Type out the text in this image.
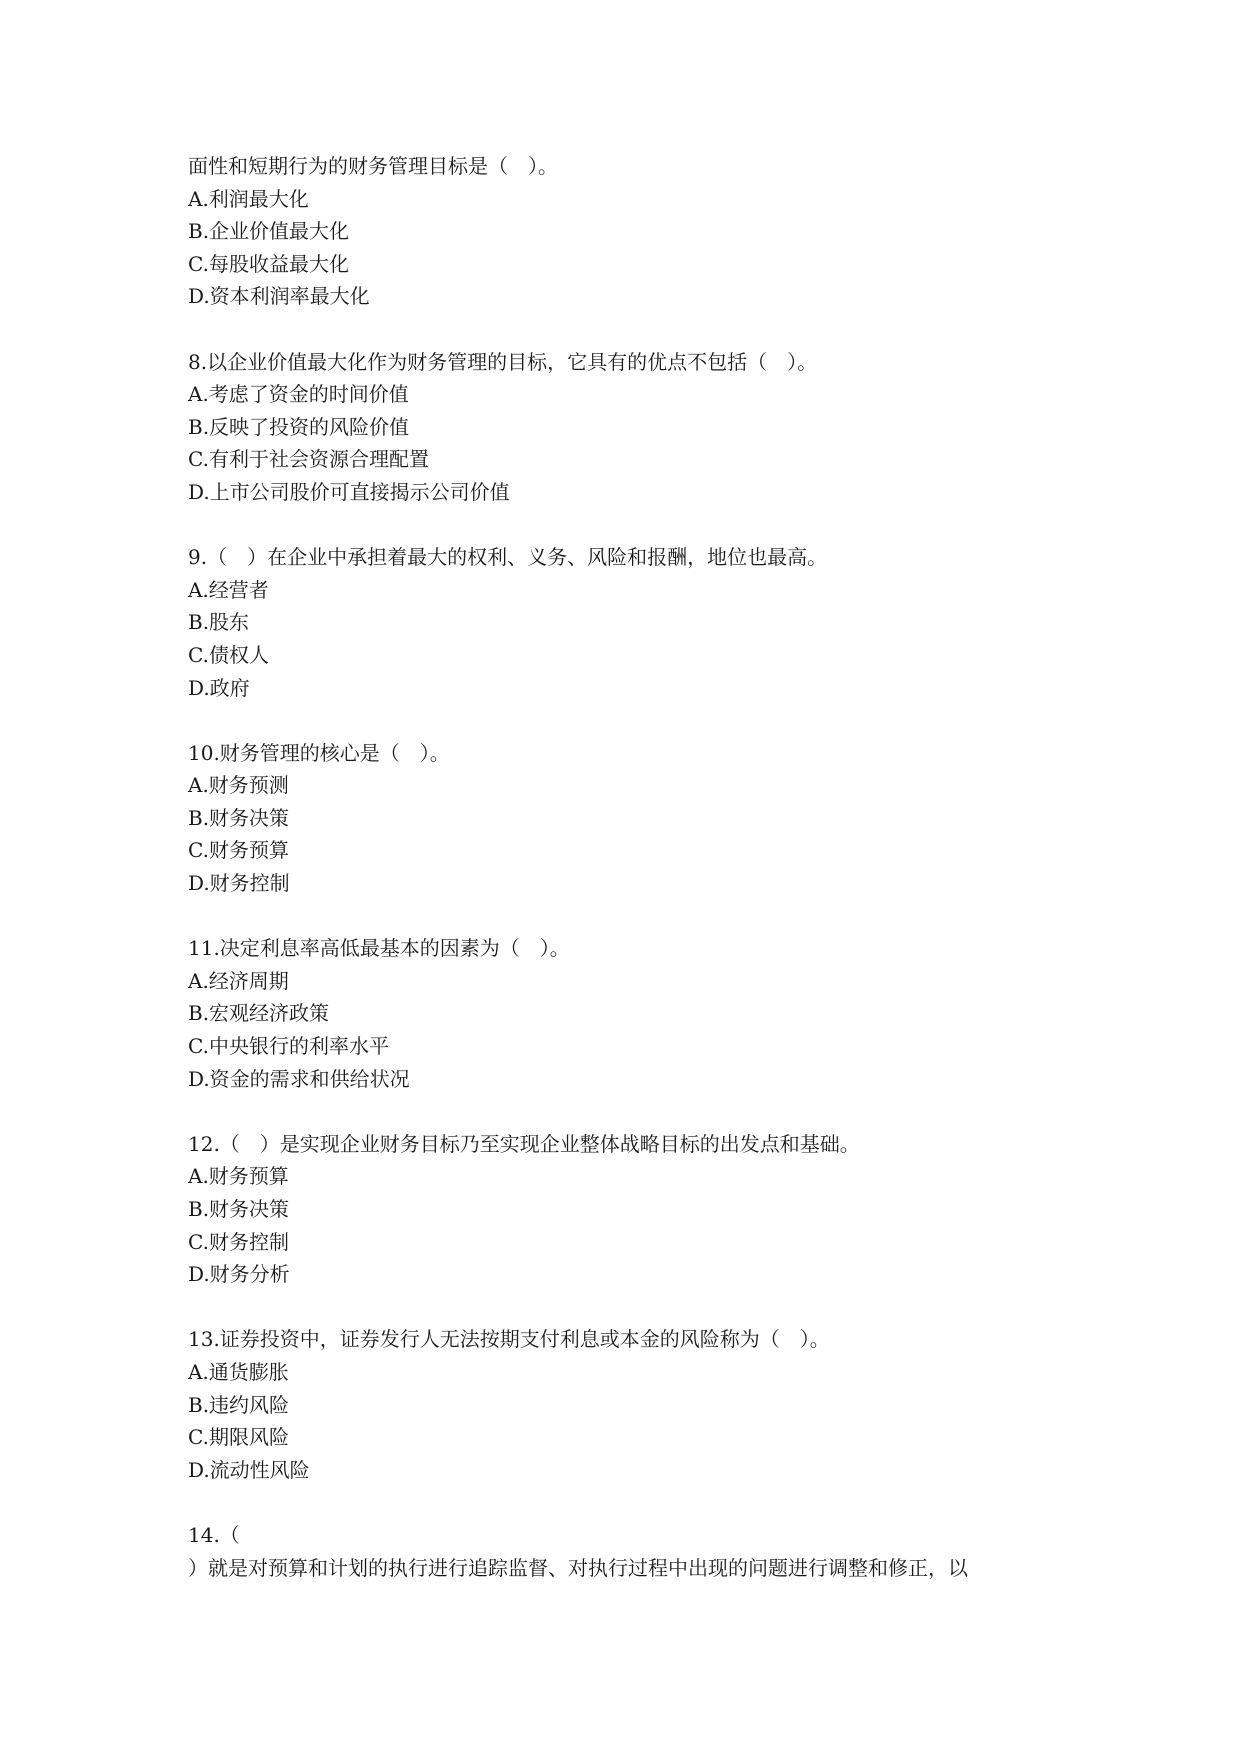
面性和短期行为的财务管理目标是（　）。
A.利润最大化
B.企业价值最大化
C.每股收益最大化
D.资本利润率最大化
8.以企业价值最大化作为财务管理的目标，它具有的优点不包括（　）。
A.考虑了资金的时间价值
B.反映了投资的风险价值
C.有利于社会资源合理配置
D.上市公司股价可直接揭示公司价值
9.（　）在企业中承担着最大的权利、义务、风险和报酬，地位也最高。
A.经营者
B.股东
C.债权人
D.政府
10.财务管理的核心是（　）。
A.财务预测
B.财务决策
C.财务预算
D.财务控制
11.决定利息率高低最基本的因素为（　）。
A.经济周期
B.宏观经济政策
C.中央银行的利率水平
D.资金的需求和供给状况
12.（　）是实现企业财务目标乃至实现企业整体战略目标的出发点和基础。
A.财务预算
B.财务决策
C.财务控制
D.财务分析
13.证券投资中，证券发行人无法按期支付利息或本金的风险称为（　）。
A.通货膨胀
B.违约风险
C.期限风险
D.流动性风险
14.（
）就是对预算和计划的执行进行追踪监督、对执行过程中出现的问题进行调整和修正，以
